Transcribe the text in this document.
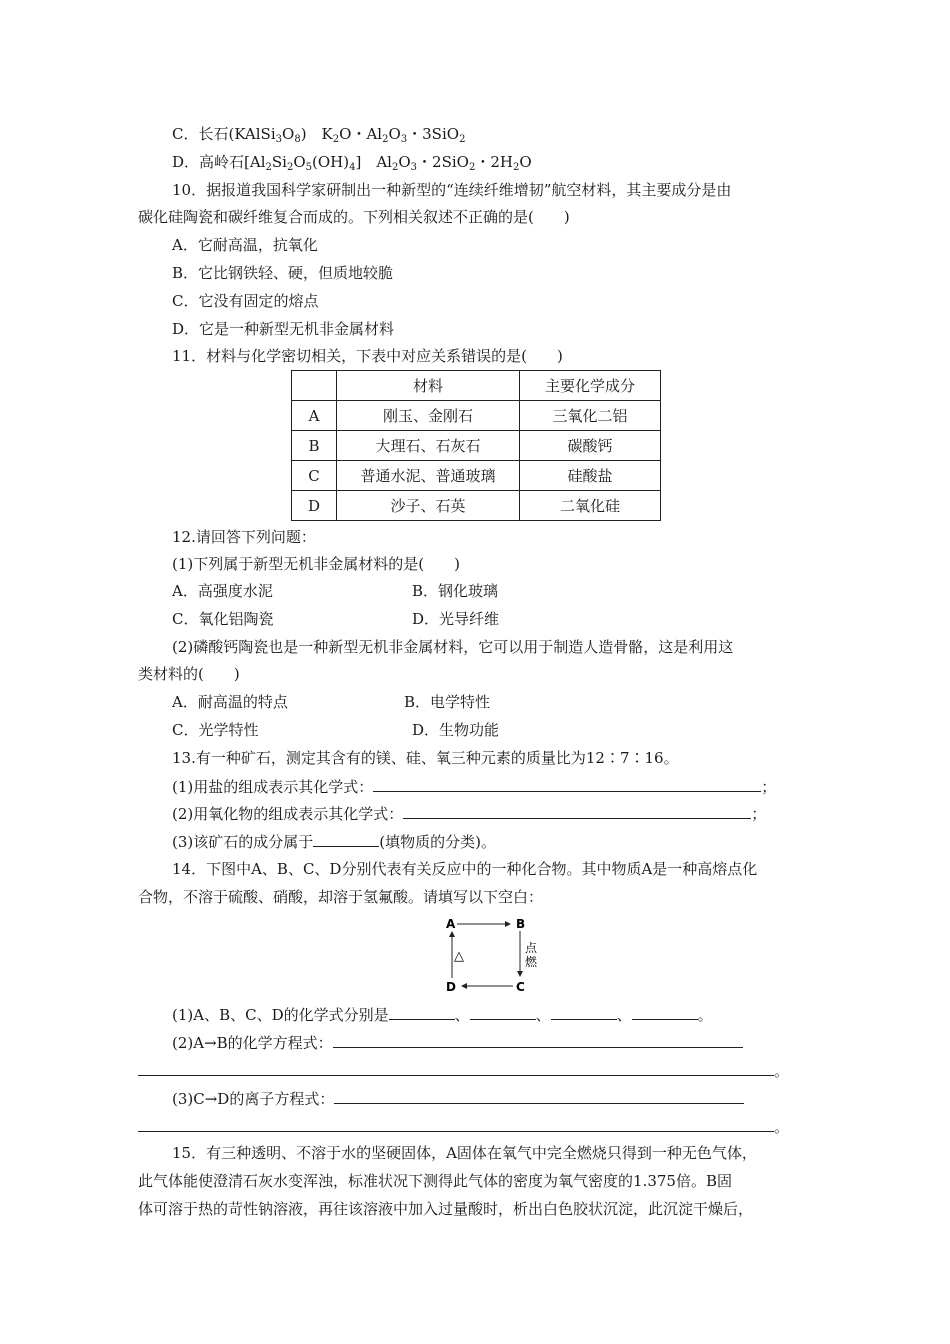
C．长石$(KAlSi_3O_8)$　$K_2O$・$Al_2O_3$・3SiO$_2$
D．高岭石$[Al_2Si_2O_5(OH)_4]$　$Al_2O_3$・2SiO$_2$・$2H_2O$
10．据报道我国科学家研制出一种新型的“连续纤维增韧”航空材料，其主要成分是由
碳化硅陶瓷和碳纤维复合而成的。下列相关叙述不正确的是(　　)
A．它耐高温，抗氧化
B．它比钢铁轻、硬，但质地较脆
C．它没有固定的熔点
D．它是一种新型无机非金属材料
11．材料与化学密切相关，下表中对应关系错误的是(　　)
	材料	主要化学成分
A	刚玉、金刚石	三氧化二铝
B	大理石、石灰石	碳酸钙
C	普通水泥、普通玻璃	硅酸盐
D	沙子、石英	二氧化硅
12.请回答下列问题：
(1)下列属于新型无机非金属材料的是(　　)
A．高强度水泥	B．钢化玻璃
C．氧化铝陶瓷	D．光导纤维
(2)磷酸钙陶瓷也是一种新型无机非金属材料，它可以用于制造人造骨骼，这是利用这
类材料的(　　)
A．耐高温的特点	B．电学特性
C．光学特性	D．生物功能
13.有一种矿石，测定其含有的镁、硅、氧三种元素的质量比为12∶7∶16。
(1)用盐的组成表示其化学式：	；
(2)用氧化物的组成表示其化学式：	；
(3)该矿石的成分属于	(填物质的分类)。
14．下图中A、B、C、D分别代表有关反应中的一种化合物。其中物质A是一种高熔点化
合物，不溶于硫酸、硝酸，却溶于氢氟酸。请填写以下空白：
A	B
C
D
△
点
燃
(1)A、B、C、D的化学式分别是	、	、	、	。
(2)A→B的化学方程式：
。
(3)C→D的离子方程式：
。
15．有三种透明、不溶于水的坚硬固体，A固体在氧气中完全燃烧只得到一种无色气体，
此气体能使澄清石灰水变浑浊，标准状况下测得此气体的密度为氧气密度的1.375倍。B固
体可溶于热的苛性钠溶液，再往该溶液中加入过量酸时，析出白色胶状沉淀，此沉淀干燥后，
